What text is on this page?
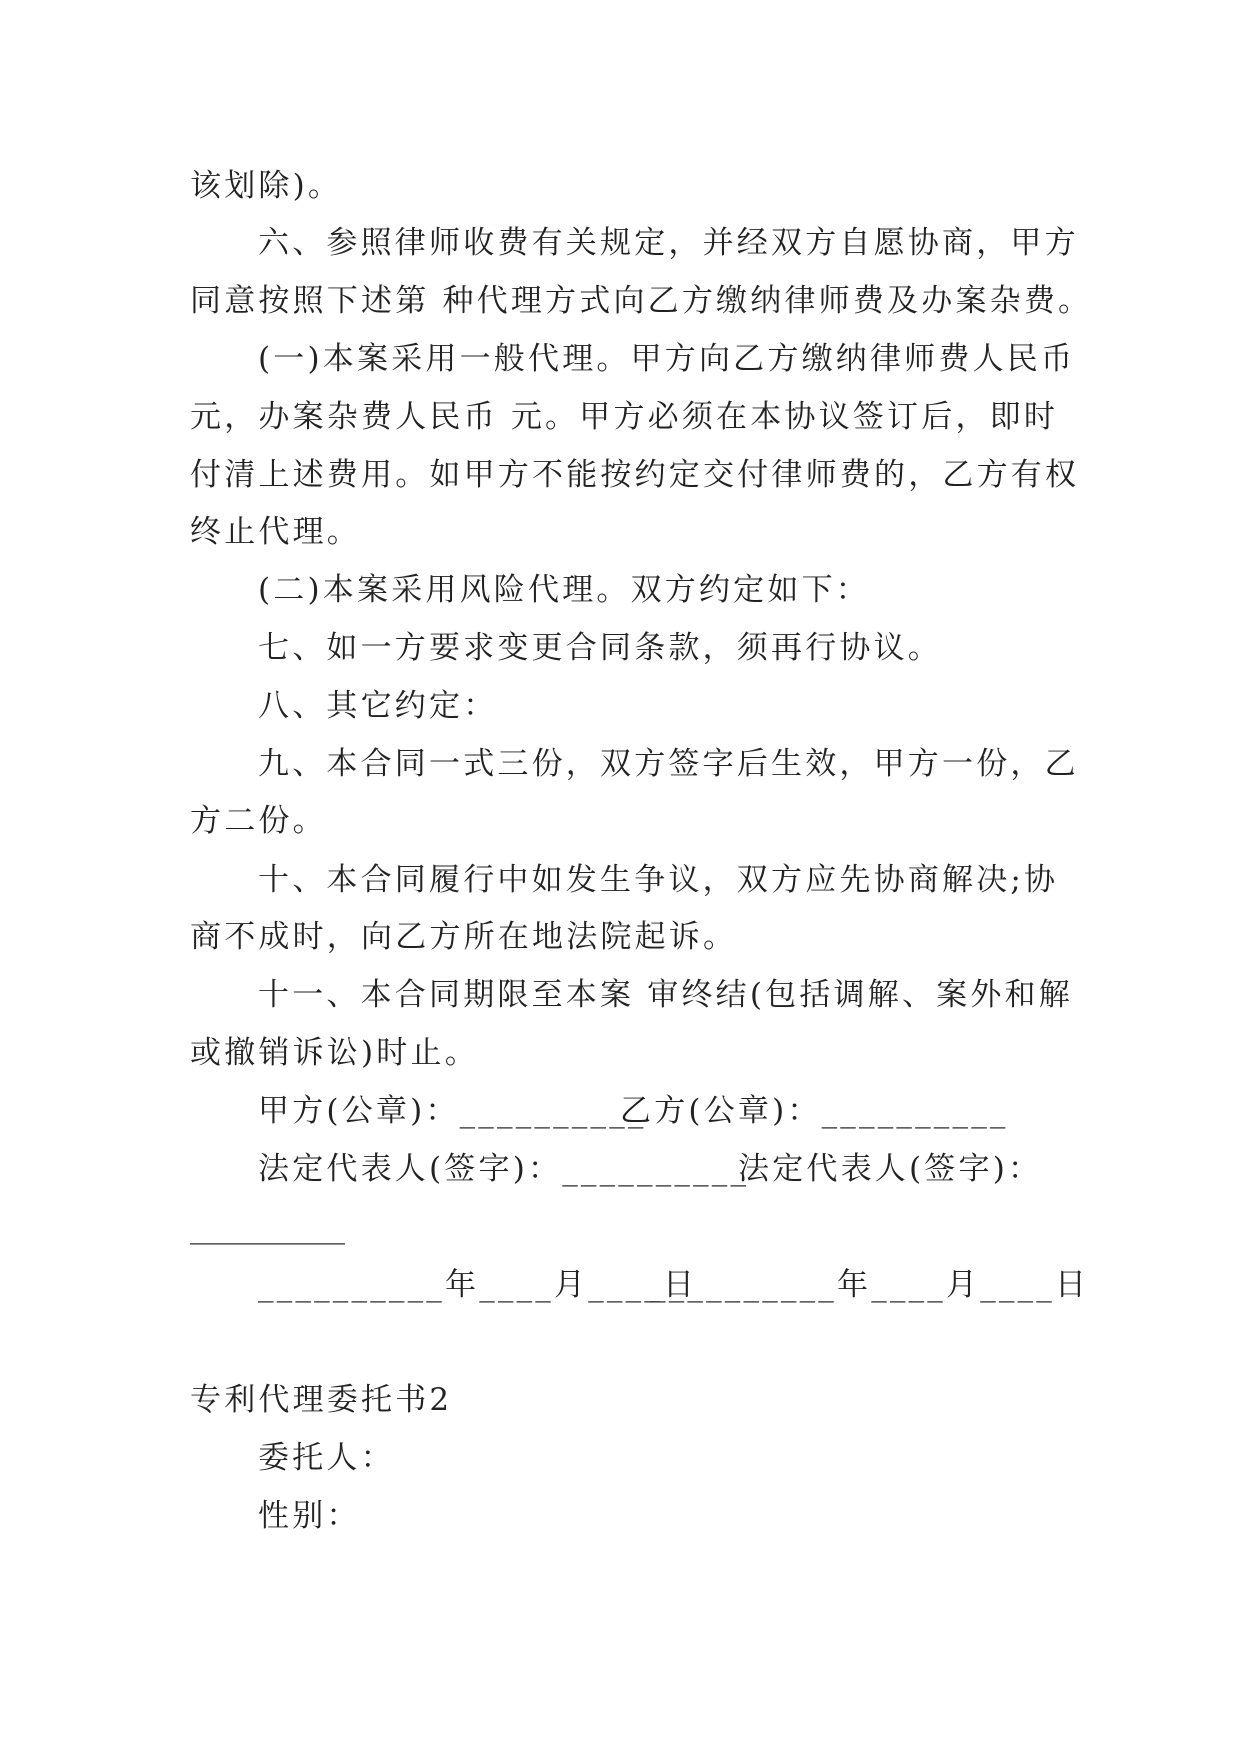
该划除)。
六、参照律师收费有关规定，并经双方自愿协商，甲方
同意按照下述第 种代理方式向乙方缴纳律师费及办案杂费。
(一)本案采用一般代理。甲方向乙方缴纳律师费人民币
元，办案杂费人民币 元。甲方必须在本协议签订后，即时
付清上述费用。如甲方不能按约定交付律师费的，乙方有权
终止代理。
(二)本案采用风险代理。双方约定如下：
七、如一方要求变更合同条款，须再行协议。
八、其它约定：
九、本合同一式三份，双方签字后生效，甲方一份，乙
方二份。
十、本合同履行中如发生争议，双方应先协商解决;协
商不成时，向乙方所在地法院起诉。
十一、本合同期限至本案 审终结(包括调解、案外和解
或撤销诉讼)时止。
甲方(公章)：__________
乙方(公章)：__________
法定代表人(签字)：__________
法定代表人(签字)：
__________
__________年____月____日
__________年____月____日
专利代理委托书2
委托人：
性别：
